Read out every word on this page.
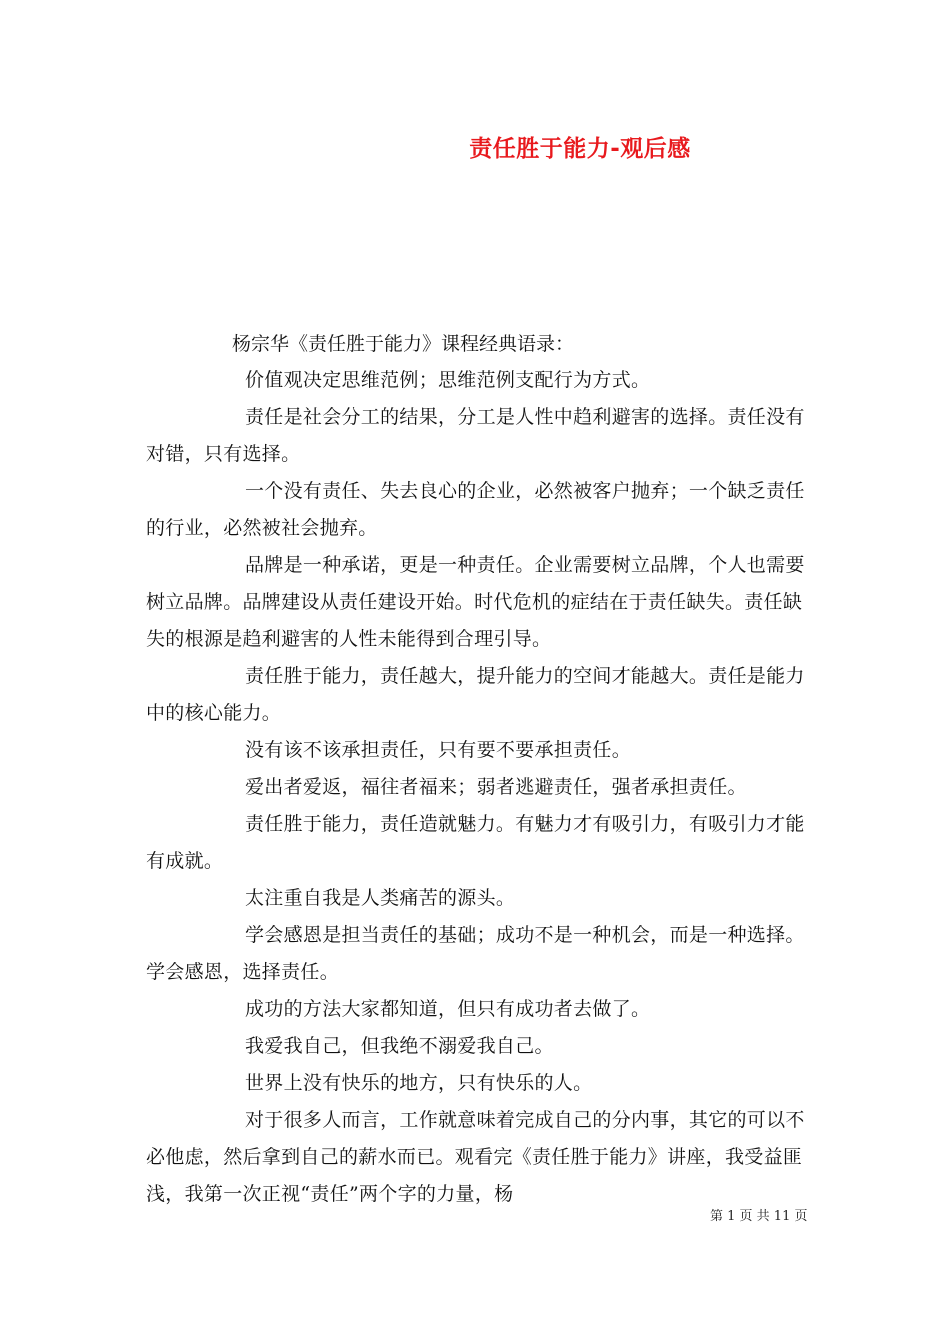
责任胜于能力-观后感
杨宗华《责任胜于能力》课程经典语录：

价值观决定思维范例；思维范例支配行为方式。

责任是社会分工的结果，分工是人性中趋利避害的选择。责任没有对错，只有选择。

一个没有责任、失去良心的企业，必然被客户抛弃；一个缺乏责任的行业，必然被社会抛弃。

品牌是一种承诺，更是一种责任。企业需要树立品牌，个人也需要树立品牌。品牌建设从责任建设开始。时代危机的症结在于责任缺失。责任缺失的根源是趋利避害的人性未能得到合理引导。

责任胜于能力，责任越大，提升能力的空间才能越大。责任是能力中的核心能力。

没有该不该承担责任，只有要不要承担责任。

爱出者爱返，福往者福来；弱者逃避责任，强者承担责任。

责任胜于能力，责任造就魅力。有魅力才有吸引力，有吸引力才能有成就。

太注重自我是人类痛苦的源头。

学会感恩是担当责任的基础；成功不是一种机会，而是一种选择。学会感恩，选择责任。

成功的方法大家都知道，但只有成功者去做了。

我爱我自己，但我绝不溺爱我自己。

世界上没有快乐的地方，只有快乐的人。

对于很多人而言，工作就意味着完成自己的分内事，其它的可以不必他虑，然后拿到自己的薪水而已。观看完《责任胜于能力》讲座，我受益匪浅，我第一次正视“责任”两个字的力量，杨

第 1 页 共 11 页
